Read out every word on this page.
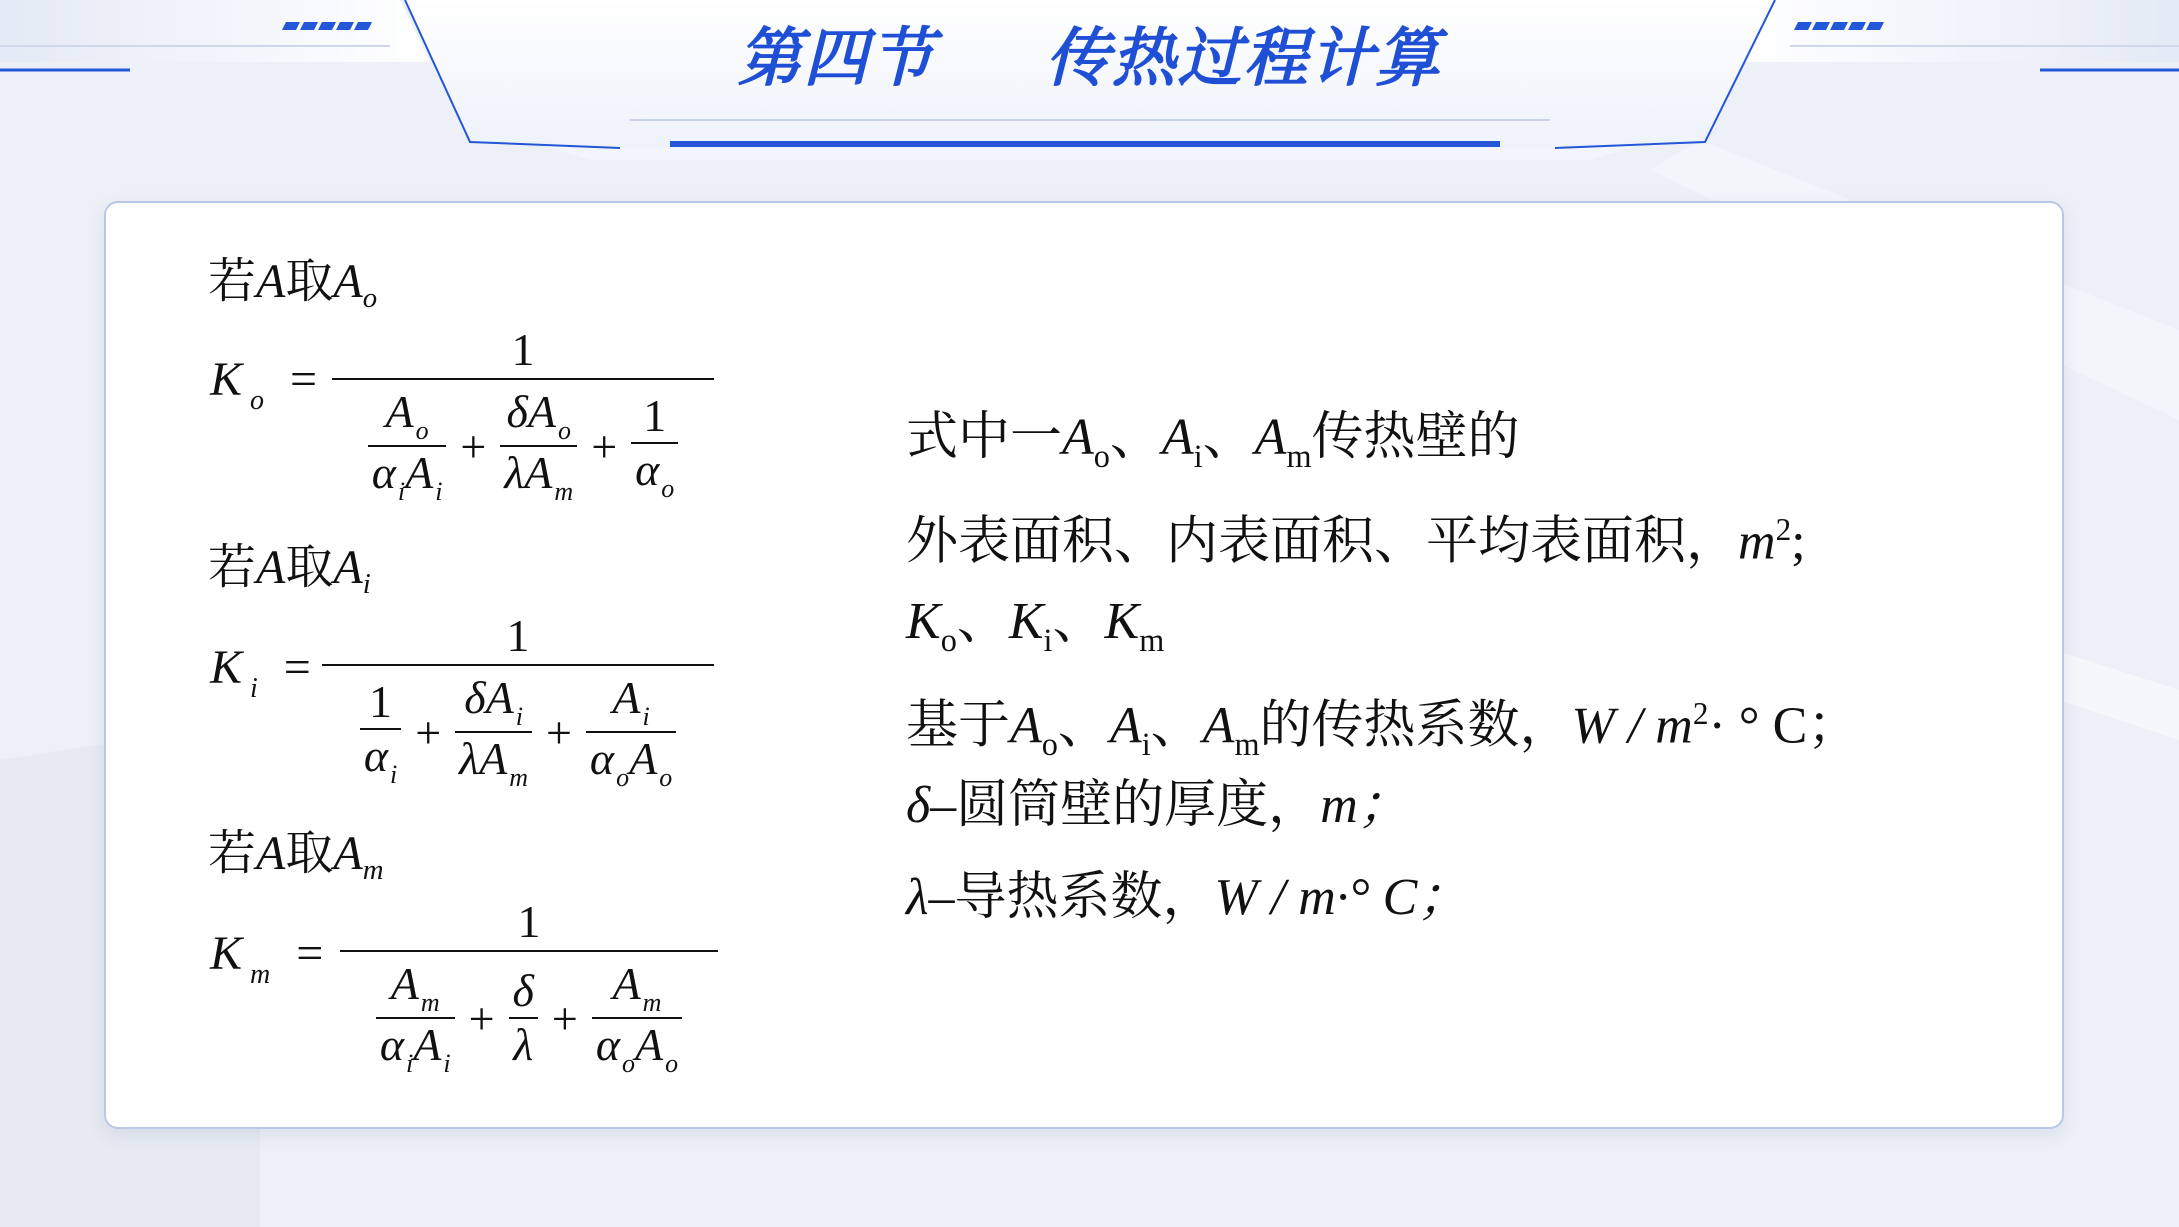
第四节 传热过程计算
若A取$A_o$
K $_o$ =
1
$A_o$
$\alpha_iA_i$
+
$\delta A_o$
$\lambda A_m$
+
1
$\alpha_o$
若A取$A_i$
K $_i$ =
1
1
$\alpha_i$
+
$\delta A_i$
$\lambda A_m$
+
$A_i$
$\alpha_oA_o$
若A取$A_m$
K $_m$ =
1
$A_m$
$\alpha_iA_i$
+
δ
λ
+
$A_m$
$\alpha_oA_o$
式中一$A_o$、$A_i$、$A_m$传热壁的
外表面积、内表面积、平均表面积，$m^2$;
$K_o$、$K_i$、$K_m$
基于$A_o$、$A_i$、$A_m$的传热系数，$W / m^2\cdot$ ° C；
δ–圆筒壁的厚度，m；
λ–导热系数，W / m·° C；
